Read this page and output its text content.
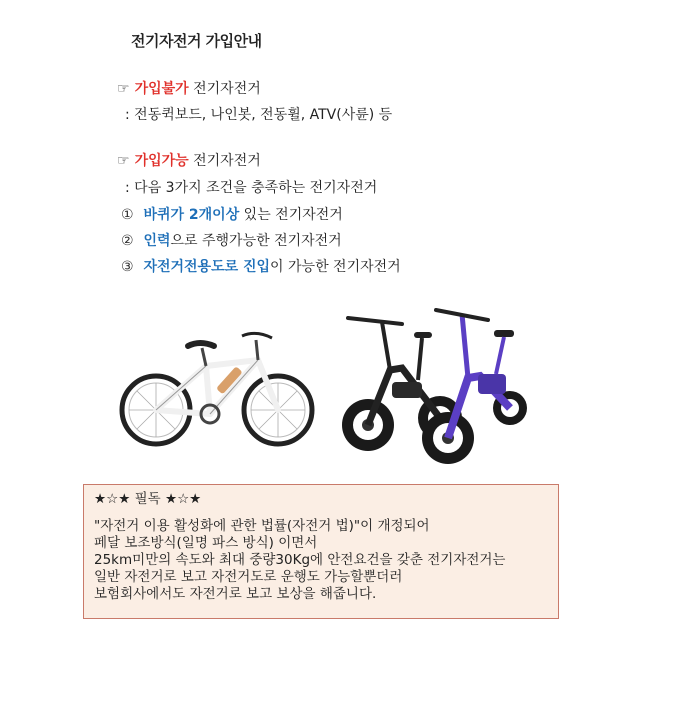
전기자전거 가입안내
☞ 가입불가 전기자전거
: 전동퀵보드, 나인봇, 전동휠, ATV(사륜) 등
☞ 가입가능 전기자전거
: 다음 3가지 조건을 충족하는 전기자전거
① 바퀴가 2개이상 있는 전기자전거
② 인력으로 주행가능한 전기자전거
③ 자전거전용도로 진입이 가능한 전기자전거
★☆★ 필독 ★☆★
"자전거 이용 활성화에 관한 법률(자전거 법)"이 개정되어
페달 보조방식(일명 파스 방식) 이면서
25km미만의 속도와 최대 중량30Kg에 안전요건을 갖춘 전기자전거는
일반 자전거로 보고 자전거도로 운행도 가능할뿐더러
보험회사에서도 자전거로 보고 보상을 해줍니다.
